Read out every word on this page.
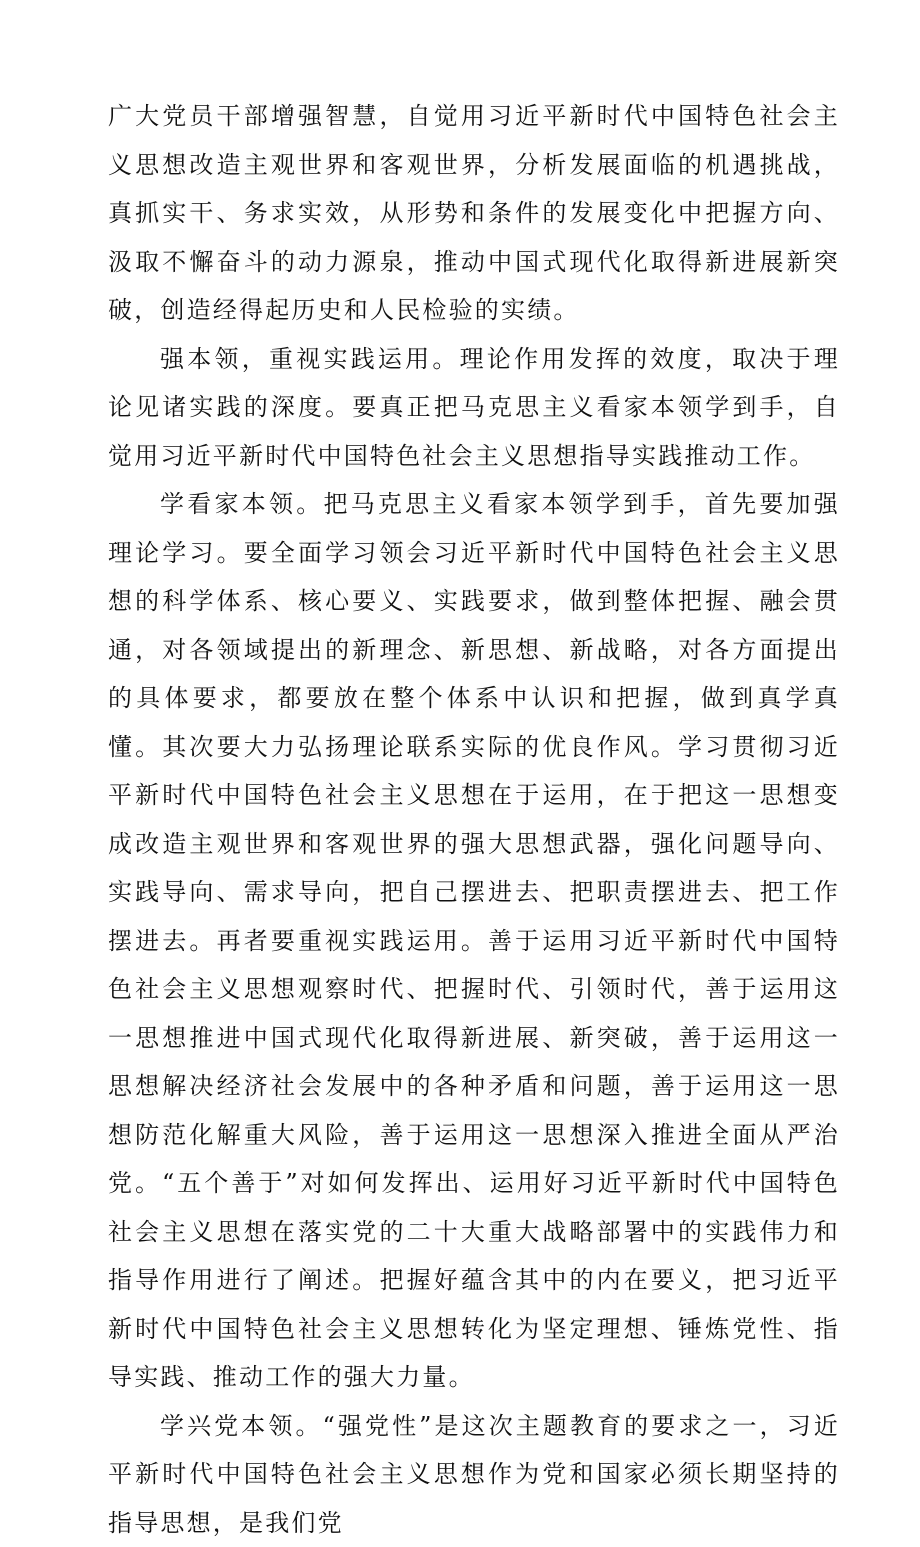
广大党员干部增强智慧，自觉用习近平新时代中国特色社会主义思想改造主观世界和客观世界，分析发展面临的机遇挑战，真抓实干、务求实效，从形势和条件的发展变化中把握方向、汲取不懈奋斗的动力源泉，推动中国式现代化取得新进展新突破，创造经得起历史和人民检验的实绩。

强本领，重视实践运用。理论作用发挥的效度，取决于理论见诸实践的深度。要真正把马克思主义看家本领学到手，自觉用习近平新时代中国特色社会主义思想指导实践推动工作。

学看家本领。把马克思主义看家本领学到手，首先要加强理论学习。要全面学习领会习近平新时代中国特色社会主义思想的科学体系、核心要义、实践要求，做到整体把握、融会贯通，对各领域提出的新理念、新思想、新战略，对各方面提出的具体要求，都要放在整个体系中认识和把握，做到真学真懂。其次要大力弘扬理论联系实际的优良作风。学习贯彻习近平新时代中国特色社会主义思想在于运用，在于把这一思想变成改造主观世界和客观世界的强大思想武器，强化问题导向、实践导向、需求导向，把自己摆进去、把职责摆进去、把工作摆进去。再者要重视实践运用。善于运用习近平新时代中国特色社会主义思想观察时代、把握时代、引领时代，善于运用这一思想推进中国式现代化取得新进展、新突破，善于运用这一思想解决经济社会发展中的各种矛盾和问题，善于运用这一思想防范化解重大风险，善于运用这一思想深入推进全面从严治党。“五个善于”对如何发挥出、运用好习近平新时代中国特色社会主义思想在落实党的二十大重大战略部署中的实践伟力和指导作用进行了阐述。把握好蕴含其中的内在要义，把习近平新时代中国特色社会主义思想转化为坚定理想、锤炼党性、指导实践、推动工作的强大力量。

学兴党本领。“强党性”是这次主题教育的要求之一，习近平新时代中国特色社会主义思想作为党和国家必须长期坚持的指导思想，是我们党
